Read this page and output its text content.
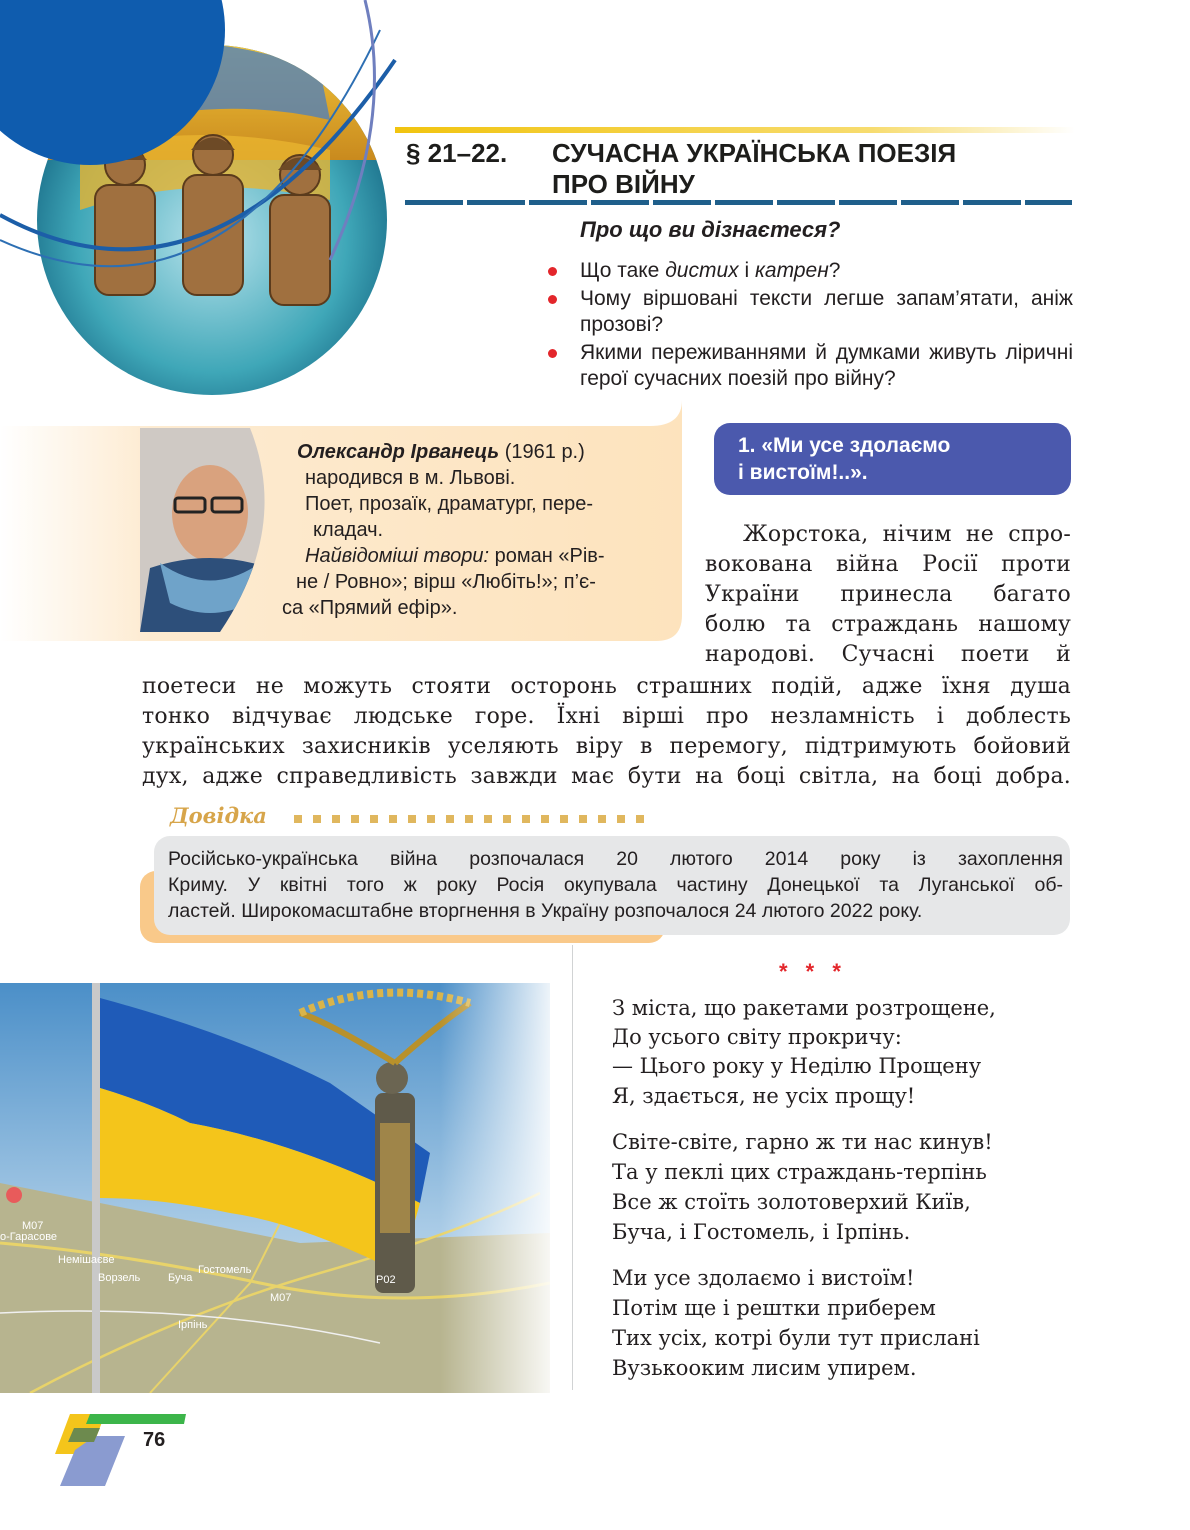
§ 21–22. СУЧАСНА УКРАЇНСЬКА ПОЕЗІЯ
ПРО ВІЙНУ
Про що ви дізнаєтеся?
Що таке дистих і катрен?
Чому віршовані тексти легше запам’ятати, аніж прозові?
Якими переживаннями й думками живуть ліричні герої сучасних поезій про війну?
Олександр Ірванець (1961 р.)
народився в м. Львові.
Поет, прозаїк, драматург, пере-
кладач.
Найвідоміші твори: роман «Рів-
не / Ровно»; вірш «Любіть!»; п’є-
са «Прямий ефір».
1. «Ми усе здолаємо
і вистоїм!..».
Жорстока, нічим не спро-
вокована війна Росії проти
України принесла багато
болю та страждань нашому
народові. Сучасні поети й
поетеси не можуть стояти осторонь страшних подій, адже їхня душа
тонко відчуває людське горе. Їхні вірші про незламність і доблесть
українських захисників уселяють віру в перемогу, підтримують бойовий
дух, адже справедливість завжди має бути на боці світла, на боці добра.
Довідка
Російсько-українська війна розпочалася 20 лютого 2014 року із захоплення
Криму. У квітні того ж року Росія окупувала частину Донецької та Луганської об-
ластей. Широкомасштабне вторгнення в Україну розпочалося 24 лютого 2022 року.
* * *
З міста, що ракетами розтрощене,
До усього світу прокричу:
— Цього року у Неділю Прощену
Я, здається, не усіх прощу!
Світе-світе, гарно ж ти нас кинув!
Та у пеклі цих страждань-терпінь
Все ж стоїть золотоверхий Київ,
Буча, і Гостомель, і Ірпінь.
Ми усе здолаємо і вистоїм!
Потім ще і рештки приберем
Тих усіх, котрі були тут прислані
Вузькооким лисим упирем.
76
